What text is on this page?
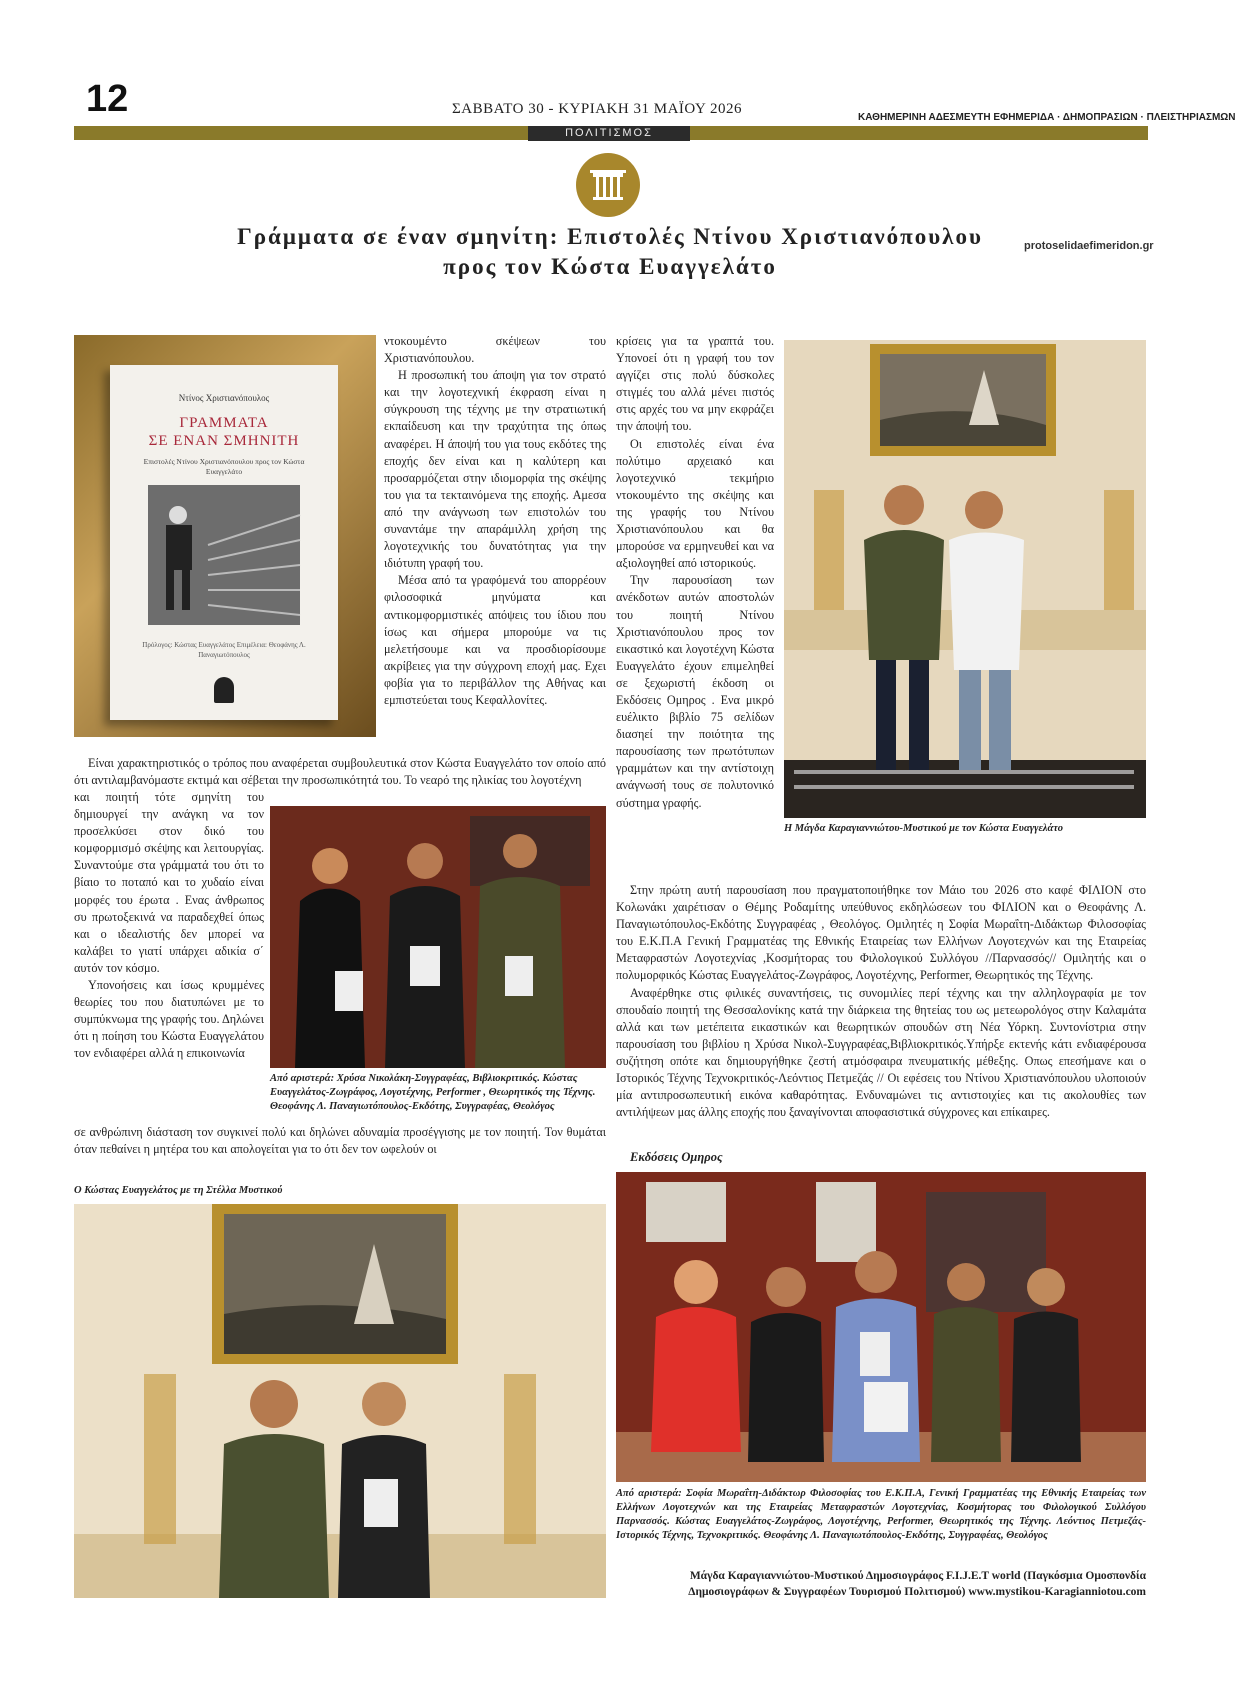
12	ΣΑΒΒΑΤΟ 30 - ΚΥΡΙΑΚΗ 31 ΜΑΪΟΥ 2026
ΚΑΘΗΜΕΡΙΝΗ ΑΔΕΣΜΕΥΤΗ ΕΦΗΜΕΡΙΔΑ · ΔΗΜΟΠΡΑΣΙΩΝ · ΠΛΕΙΣΤΗΡΙΑΣΜΩΝ
ΠΟΛΙΤΙΣΜΟΣ
Γράμματα σε έναν σμηνίτη: Επιστολές Ντίνου Χριστιανόπουλου
προς τον Κώστα Ευαγγελάτο
protoselidaefimeridon.gr
Ντίνος Χριστιανόπουλος
ΓΡΑΜΜΑΤΑ
ΣΕ ΕΝΑΝ ΣΜΗΝΙΤΗ
Επιστολές Ντίνου Χριστιανόπουλου προς τον Κώστα Ευαγγελάτο
Πρόλογος: Κώστας Ευαγγελάτος Επιμέλεια: Θεοφάνης Λ. Παναγιωτόπουλος

ντοκουμέντο σκέψεων του Χριστιανόπουλου.

Η προσωπική του άποψη για τον στρατό και την λογοτεχνική έκφραση είναι η σύγκρουση της τέχνης με την στρατιωτική εκπαίδευση και την τραχύτητα της όπως αναφέρει. Η άποψή του για τους εκδότες της εποχής δεν είναι και η καλύτερη και προσαρμόζεται στην ιδιομορφία της σκέψης του για τα τεκταινόμενα της εποχής. Αμεσα από την ανάγνωση των επιστολών του συναντάμε την απαράμιλλη χρήση της λογοτεχνικής του δυνατότητας για την ιδιότυπη γραφή του.

Μέσα από τα γραφόμενά του απορρέουν φιλοσοφικά μηνύματα και αντικομφορμιστικές απόψεις του ίδιου που ίσως και σήμερα μπορούμε να τις μελετήσουμε και να προσδιορίσουμε ακρίβειες για την σύγχρονη εποχή μας. Εχει φοβία για το περιβάλλον της Αθήνας και εμπιστεύεται τους Κεφαλλονίτες.

Είναι χαρακτηριστικός ο τρόπος που αναφέρεται συμβουλευτικά στον Κώστα Ευαγγελάτο τον οποίο από ότι αντιλαμβανόμαστε εκτιμά και σέβεται την προσωπικότητά του. Το νεαρό της ηλικίας του λογοτέχνη

και ποιητή τότε σμηνίτη του δημιουργεί την ανάγκη να τον προσελκύσει στον δικό του κομφορμισμό σκέψης και λειτουργίας. Συναντούμε στα γράμματά του ότι το βίαιο το ποταπό και το χυδαίο είναι μορφές του έρωτα . Ενας άνθρωπος συ πρωτοξεκινά να παραδεχθεί όπως και ο ιδεαλιστής δεν μπορεί να καλάβει το γιατί υπάρχει αδικία σ΄ αυτόν τον κόσμο.

Υπονοήσεις και ίσως κρυμμένες θεωρίες του που διατυπώνει με το συμπύκνωμα της γραφής του. Δηλώνει ότι η ποίηση του Κώστα Ευαγγελάτου τον ενδιαφέρει αλλά η επικοινωνία

Από αριστερά: Χρύσα Νικολάκη-Συγγραφέας, Βιβλιοκριτικός. Κώστας Ευαγγελάτος-Ζωγράφος, Λογοτέχνης, Performer , Θεωρητικός της Τέχνης. Θεοφάνης Λ. Παναγιωτόπουλος-Εκδότης, Συγγραφέας, Θεολόγος

σε ανθρώπινη διάσταση τον συγκινεί πολύ και δηλώνει αδυναμία προσέγγισης με τον ποιητή. Τον θυμάται όταν πεθαίνει η μητέρα του και απολογείται για το ότι δεν τον ωφελούν οι

κρίσεις για τα γραπτά του. Υπονοεί ότι η γραφή του τον αγγίζει στις πολύ δύσκολες στιγμές του αλλά μένει πιστός στις αρχές του να μην εκφράζει την άποψή του.

Οι επιστολές είναι ένα πολύτιμο αρχειακό και λογοτεχνικό τεκμήριο ντοκουμέντο της σκέψης και της γραφής του Ντίνου Χριστιανόπουλου και θα μπορούσε να ερμηνευθεί και να αξιολογηθεί από ιστορικούς.

Την παρουσίαση των ανέκδοτων αυτών αποστολών του ποιητή Ντίνου Χριστιανόπουλου προς τον εικαστικό και λογοτέχνη Κώστα Ευαγγελάτο έχουν επιμεληθεί σε ξεχωριστή έκδοση οι Εκδόσεις Ομηρος . Ενα μικρό ευέλικτο βιβλίο 75 σελίδων διασηεί την ποιότητα της παρουσίασης των πρωτότυπων γραμμάτων και την αντίστοιχη ανάγνωσή τους σε πολυτονικό σύστημα γραφής.

Η Μάγδα Καραγιαννιώτου-Μυστικού με τον Κώστα Ευαγγελάτο

Στην πρώτη αυτή παρουσίαση που πραγματοποιήθηκε τον Μάιο του 2026 στο καφέ ΦΙΛΙΟΝ στο Κολωνάκι χαιρέτισαν ο Θέμης Ροδαμίτης υπεύθυνος εκδηλώσεων του ΦΙΛΙΟΝ και ο Θεοφάνης Λ. Παναγιωτόπουλος-Εκδότης Συγγραφέας , Θεολόγος. Ομιλητές η Σοφία Μωραΐτη-Διδάκτωρ Φιλοσοφίας του Ε.Κ.Π.Α Γενική Γραμματέας της Εθνικής Εταιρείας των Ελλήνων Λογοτεχνών και της Εταιρείας Μεταφραστών Λογοτεχνίας ,Κοσμήτορας του Φιλολογικού Συλλόγου //Παρνασσός// Ομιλητής και ο πολυμορφικός Κώστας Ευαγγελάτος-Ζωγράφος, Λογοτέχνης, Performer, Θεωρητικός της Τέχνης.

Αναφέρθηκε στις φιλικές συναντήσεις, τις συνομιλίες περί τέχνης και την αλληλογραφία με τον σπουδαίο ποιητή της Θεσσαλονίκης κατά την διάρκεια της θητείας του ως μετεωρολόγος στην Καλαμάτα αλλά και των μετέπειτα εικαστικών και θεωρητικών σπουδών στη Νέα Υόρκη. Συντονίστρια στην παρουσίαση του βιβλίου η Χρύσα Νικολ-Συγγραφέας,Βιβλιοκριτικός.Υπήρξε εκτενής κάτι ενδιαφέρουσα συζήτηση οπότε και δημιουργήθηκε ζεστή ατμόσφαιρα πνευματικής μέθεξης. Οπως επεσήμανε και ο Ιστορικός Τέχνης Τεχνοκριτικός-Λεόντιος Πετμεζάς // Οι εφέσεις του Ντίνου Χριστιανόπουλου υλοποιούν μία αντιπροσωπευτική εικόνα καθαρότητας. Ενδυναμώνει τις αντιστοιχίες και τις ακολουθίες των αντιλήψεων μας άλλης εποχής που ξαναγίνονται αποφασιστικά σύγχρονες και επίκαιρες.

Εκδόσεις Ομηρος
Ο Κώστας Ευαγγελάτος με τη Στέλλα Μυστικού
Από αριστερά: Σοφία Μωραΐτη-Διδάκτωρ Φιλοσοφίας του Ε.Κ.Π.Α, Γενική Γραμματέας της Εθνικής Εταιρείας των Ελλήνων Λογοτεχνών και της Εταιρείας Μεταφραστών Λογοτεχνίας, Κοσμήτορας του Φιλολογικού Συλλόγου Παρνασσός. Κώστας Ευαγγελάτος-Ζωγράφος, Λογοτέχνης, Performer, Θεωρητικός της Τέχνης. Λεόντιος Πετμεζάς-Ιστορικός Τέχνης, Τεχνοκριτικός. Θεοφάνης Λ. Παναγιωτόπουλος-Εκδότης, Συγγραφέας, Θεολόγος
Μάγδα Καραγιαννιώτου-Μυστικού Δημοσιογράφος F.I.J.E.T world (Παγκόσμια Ομοσπονδία
Δημοσιογράφων & Συγγραφέων Τουρισμού Πολιτισμού) www.mystikou-Karagianniotou.com
